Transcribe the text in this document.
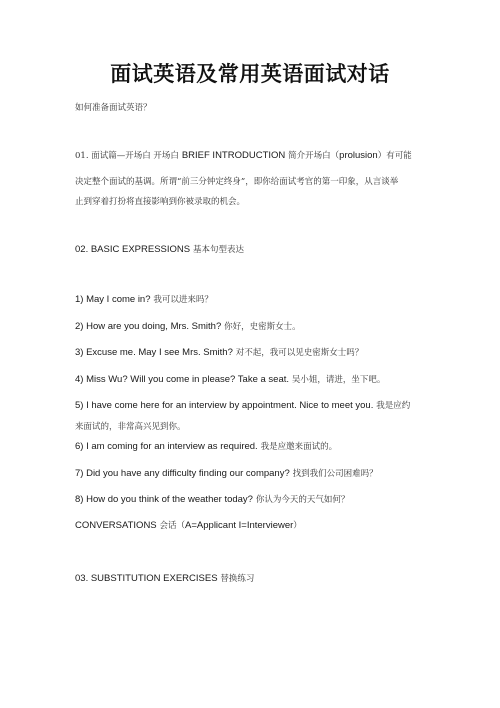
面试英语及常用英语面试对话
如何准备面试英语？
01. 面试篇—开场白 开场白 BRIEF INTRODUCTION 简介开场白（prolusion）有可能
决定整个面试的基调。所谓“前三分钟定终身”，即你给面试考官的第一印象，从言谈举
止到穿着打扮将直接影响到你被录取的机会。
02. BASIC EXPRESSIONS 基本句型表达
1) May I come in? 我可以进来吗？
2) How are you doing, Mrs. Smith? 你好，史密斯女士。
3) Excuse me. May I see Mrs. Smith? 对不起，我可以见史密斯女士吗？
4) Miss Wu? Will you come in please? Take a seat. 吴小姐，请进，坐下吧。
5) I have come here for an interview by appointment. Nice to meet you. 我是应约
来面试的，非常高兴见到你。
6) I am coming for an interview as required. 我是应邀来面试的。
7) Did you have any difficulty finding our company? 找到我们公司困难吗？
8) How do you think of the weather today? 你认为今天的天气如何？
CONVERSATIONS 会话（A=Applicant I=Interviewer）
03. SUBSTITUTION EXERCISES 替换练习
